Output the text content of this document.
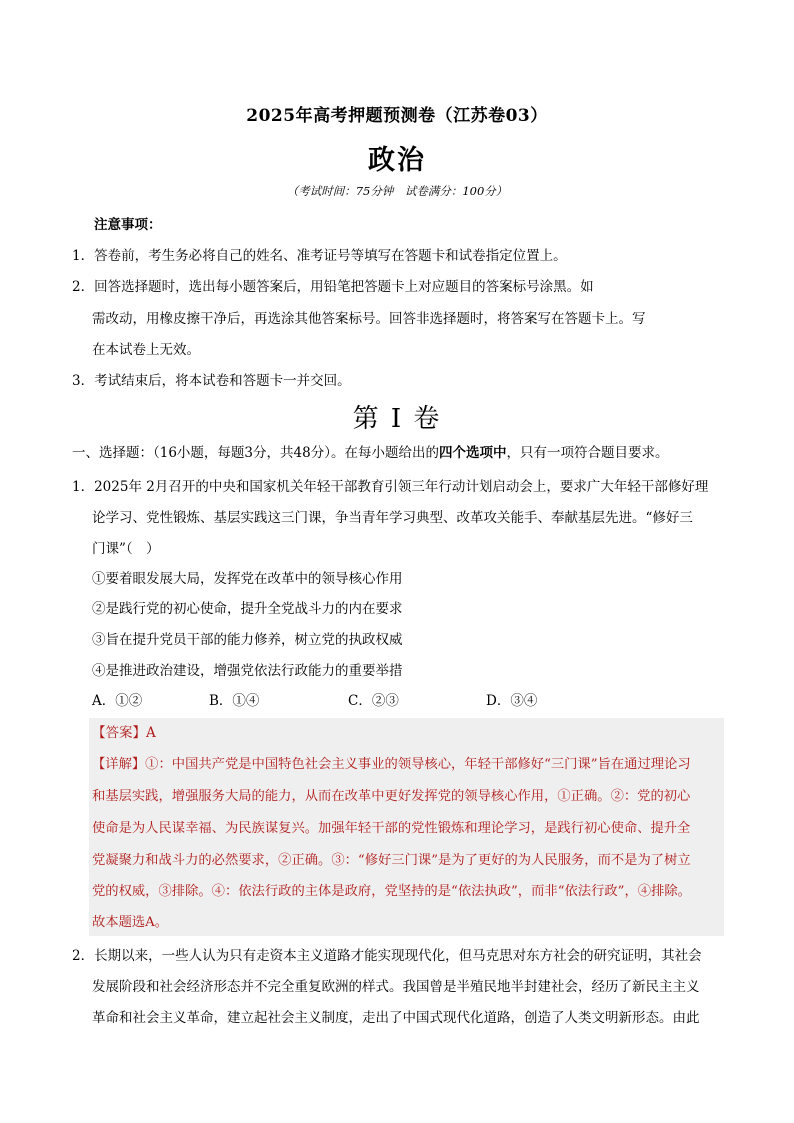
2025年高考押题预测卷（江苏卷03）
政治
（考试时间：75分钟　试卷满分：100分）
注意事项：
1．答卷前，考生务必将自己的姓名、准考证号等填写在答题卡和试卷指定位置上。
2．回答选择题时，选出每小题答案后，用铅笔把答题卡上对应题目的答案标号涂黑。如
需改动，用橡皮擦干净后，再选涂其他答案标号。回答非选择题时，将答案写在答题卡上。写
在本试卷上无效。
3．考试结束后，将本试卷和答题卡一并交回。
第 I 卷
一、选择题：（16小题，每题3分，共48分）。在每小题给出的四个选项中，只有一项符合题目要求。
1．2025年 2月召开的中央和国家机关年轻干部教育引领三年行动计划启动会上，要求广大年轻干部修好理
论学习、党性锻炼、基层实践这三门课，争当青年学习典型、改革攻关能手、奉献基层先进。“修好三
门课”（　）
①要着眼发展大局，发挥党在改革中的领导核心作用
②是践行党的初心使命，提升全党战斗力的内在要求
③旨在提升党员干部的能力修养，树立党的执政权威
④是推进政治建设，增强党依法行政能力的重要举措
A．①②	B．①④	C．②③	D．③④
【答案】A
【详解】①：中国共产党是中国特色社会主义事业的领导核心，年轻干部修好“三门课”旨在通过理论习
和基层实践，增强服务大局的能力，从而在改革中更好发挥党的领导核心作用，①正确。②：党的初心
使命是为人民谋幸福、为民族谋复兴。加强年轻干部的党性锻炼和理论学习，是践行初心使命、提升全
党凝聚力和战斗力的必然要求，②正确。③：“修好三门课”是为了更好的为人民服务，而不是为了树立
党的权威，③排除。④：依法行政的主体是政府，党坚持的是“依法执政”，而非“依法行政”，④排除。
故本题选A。
2．长期以来，一些人认为只有走资本主义道路才能实现现代化，但马克思对东方社会的研究证明，其社会
发展阶段和社会经济形态并不完全重复欧洲的样式。我国曾是半殖民地半封建社会，经历了新民主主义
革命和社会主义革命，建立起社会主义制度，走出了中国式现代化道路，创造了人类文明新形态。由此
